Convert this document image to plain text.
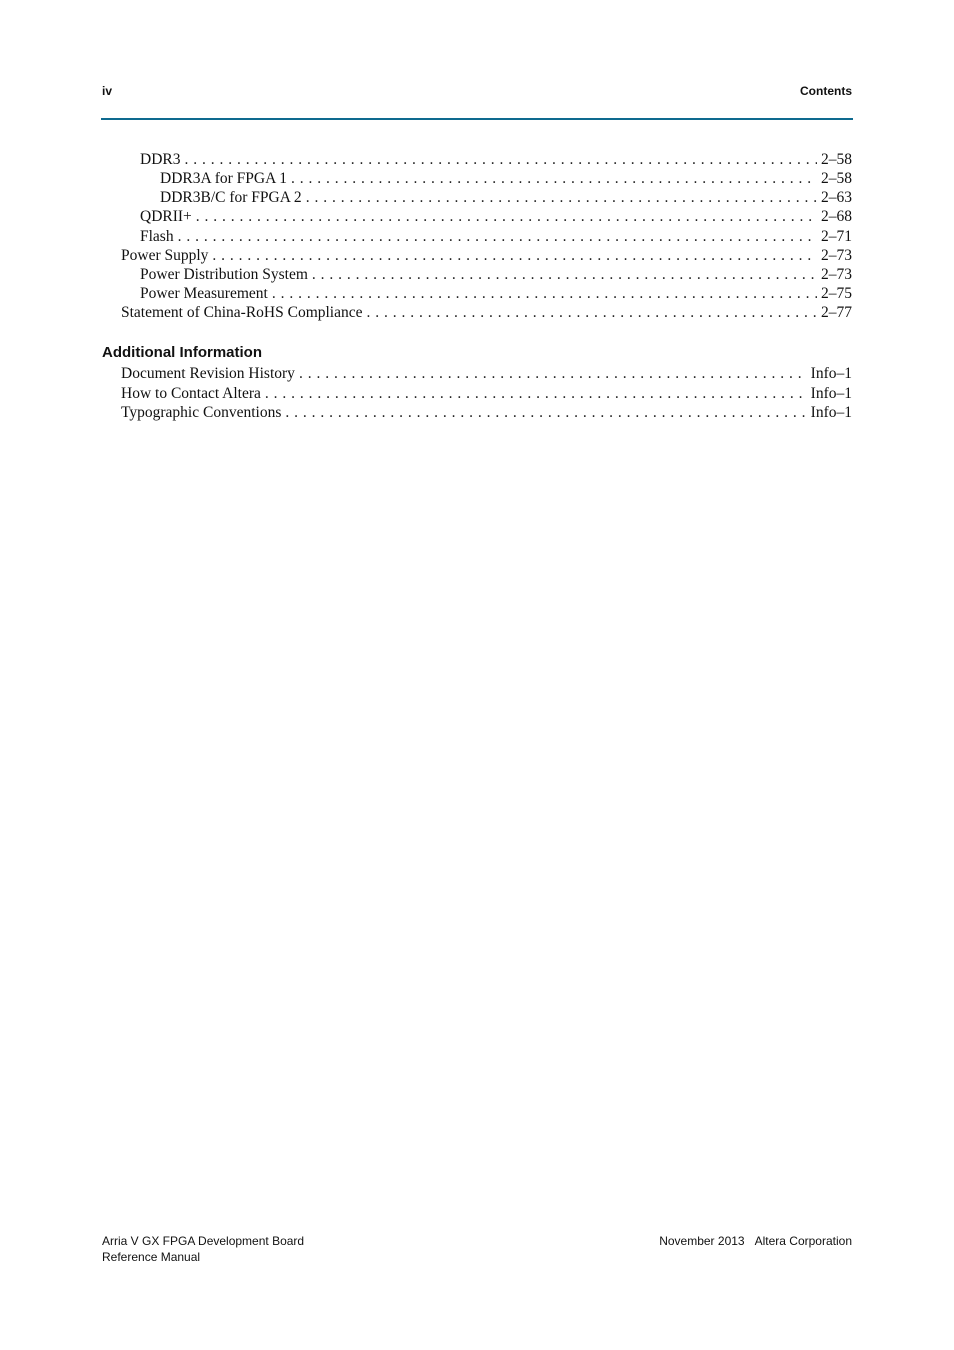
iv	Contents
DDR3 . . .	2–58
DDR3A for FPGA 1 . . .	2–58
DDR3B/C for FPGA 2 . . .	2–63
QDRII+ . . .	2–68
Flash . . .	2–71
Power Supply . . .	2–73
Power Distribution System . . .	2–73
Power Measurement . . .	2–75
Statement of China-RoHS Compliance . . .	2–77
Additional Information
Document Revision History . . .	Info–1
How to Contact Altera . . .	Info–1
Typographic Conventions . . .	Info–1
Arria V GX FPGA Development Board
Reference Manual
November 2013 Altera Corporation
